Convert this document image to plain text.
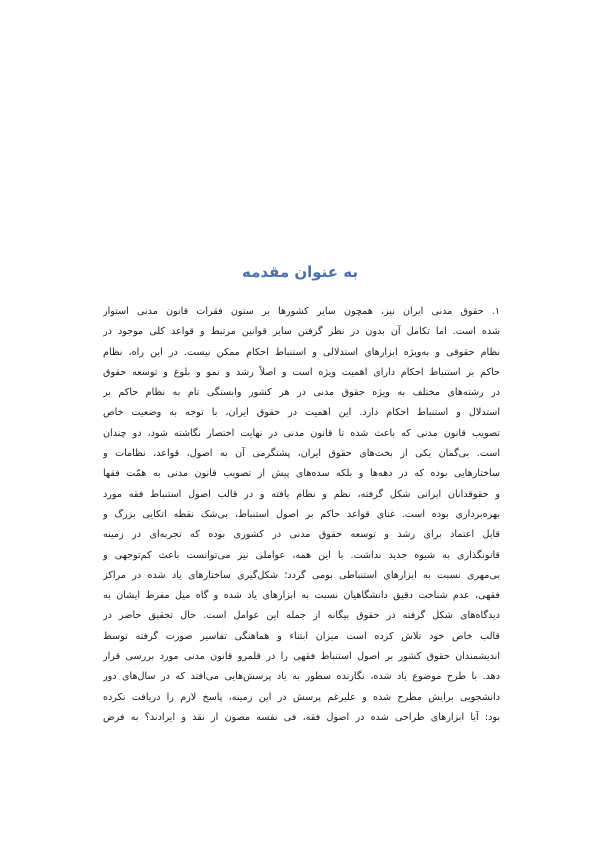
به عنوان مقدمه
۱. حقوق مدنی ایران نیز، همچون سایر کشورها بر ستون فقرات قانون مدنی استوار
شده است. اما تکامل آن بدون در نظر گرفتن سایر قوانین مرتبط و قواعد کلی موجود در
نظام حقوقی و به‌ویژه ابزارهای استدلالی و استنباط احکام ممکن نیست. در این راه، نظام
حاکم بر استنباط احکام دارای اهمیت ویژه است و اصلاً رشد و نمو و بلوغ و توسعه حقوق
در رشته‌های مختلف به ویژه حقوق مدنی در هر کشور وابستگی تام به نظام حاکم بر
استدلال و استنباط احکام دارد. این اهمیت در حقوق ایران، با توجه به وضعیت خاص
تصویب قانون مدنی که باعث شده تا قانون مدنی در نهایت اختصار نگاشته شود، دو چندان
است. بی‌گمان یکی از بخت‌های حقوق ایران، پشتگرمی آن به اصول، قواعد، نظامات و
ساختارهایی بوده که در دهه‌ها و بلکه سده‌های پیش از تصویب قانون مدنی به همّت فقها
و حقوقدانان ایرانی شکل گرفته، نظم و نظام یافته و در قالب اصول استنباط فقه مورد
بهره‌برداری بوده است. غنای قواعد حاکم بر اصول استنباط، بی‌شک نقطه اتکایی بزرگ و
قابل اعتماد برای رشد و توسعه حقوق مدنی در کشوری بوده که تجربه‌ای در زمینه
قانونگذاری به شیوه جدید نداشت. با این همه، عواملی نیز می‌توانست باعث کم‌توجهی و
بی‌مهری نسبت به ابزارهای استنباطی بومی گردد؛ شکل‌گیری ساختارهای یاد شده در مراکز
فقهی، عدم شناخت دقیق دانشگاهیان نسبت به ابزارهای یاد شده و گاه میل مفرط ایشان به
دیدگاه‌های شکل گرفته در حقوق بیگانه از جمله این عوامل است. حال تحقیق حاضر در
قالب خاص خود تلاش کرده است میزان ابتناء و هماهنگی تفاسیر صورت گرفته توسط
اندیشمندان حقوق کشور بر اصول استنباط فقهی را در قلمرو قانون مدنی مورد بررسی قرار
دهد. با طرح موضوع یاد شده، نگارنده سطور به یاد پرسش‌هایی می‌افتد که در سال‌های دور
دانشجویی برایش مطرح شده و علیرغم پرسش در این زمینه، پاسخ لازم را دریافت نکرده
بود: آیا ابزارهای طراحی شده در اصول فقه، فی نفسه مصون از نقد و ایرادند؟ به فرض
